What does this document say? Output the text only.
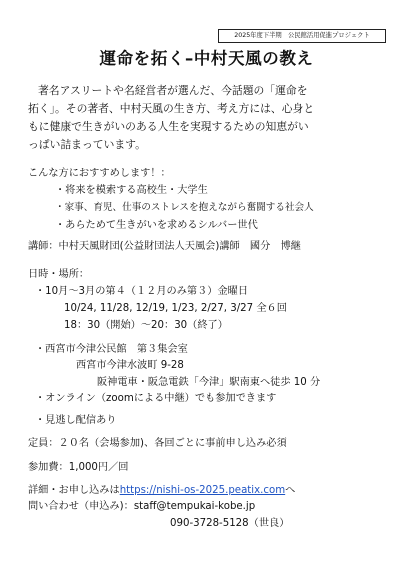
2025年度下半期　公民館活用促進プロジェクト
運命を拓く–中村天風の教え
著名アスリートや名経営者が選んだ、今話題の「運命を
拓く」。その著者、中村天風の生き方、考え方には、心身と
もに健康で生きがいのある人生を実現するための知恵がい
っぱい詰まっています。
こんな方におすすめします！：
・将来を模索する高校生・大学生
・家事、育児、仕事のストレスを抱えながら奮闘する社会人
・あらためて生きがいを求めるシルバー世代
講師：中村天風財団(公益財団法人天風会)講師　國分　博継
日時・場所：
・10月～3月の第４（１２月のみ第３）金曜日
10/24, 11/28, 12/19, 1/23, 2/27, 3/27 全６回
18：30（開始）～20：30（終了）
・西宮市今津公民館　第３集会室
西宮市今津水波町 9-28
阪神電車・阪急電鉄「今津」駅南東へ徒歩 10 分
・オンライン（zoomによる中継）でも参加できます
・見逃し配信あり
定員：２０名（会場参加)、各回ごとに事前申し込み必須
参加費：1,000円／回
詳細・お申し込みはhttps://nishi-os-2025.peatix.comへ
問い合わせ（申込み)：staff@tempukai-kobe.jp
090-3728-5128（世良）
